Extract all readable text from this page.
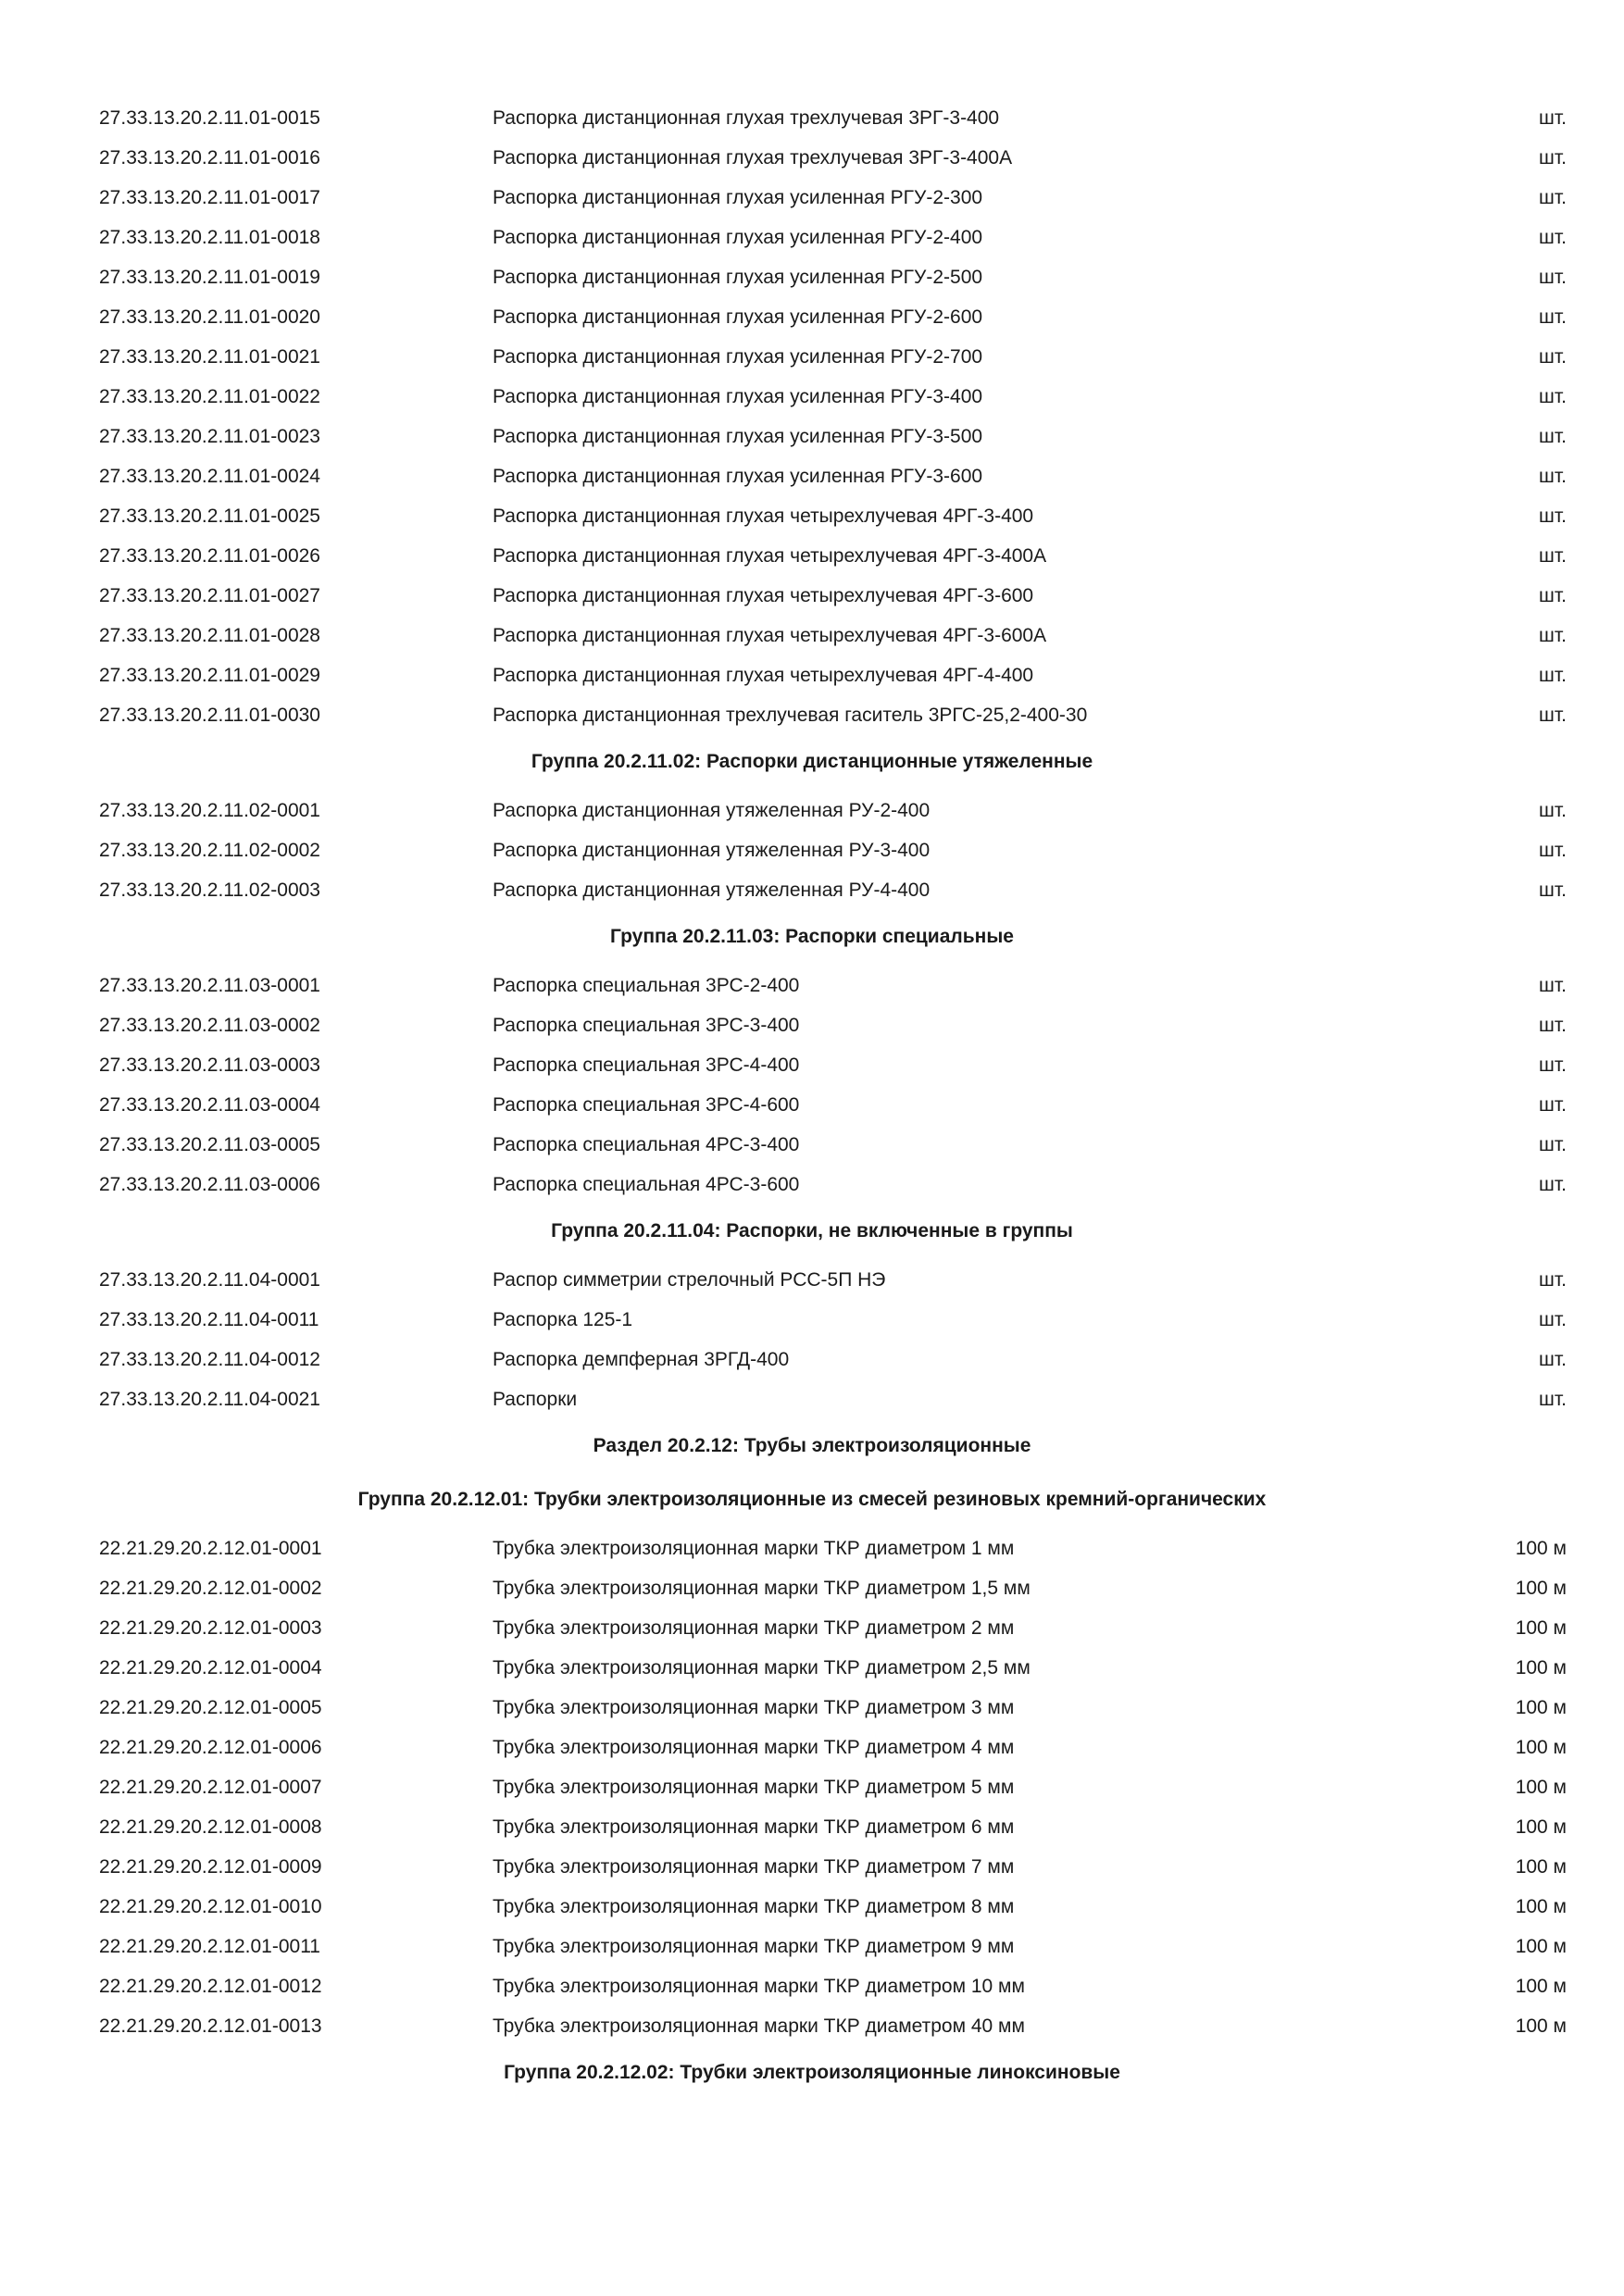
27.33.13.20.2.11.01-0015	Распорка дистанционная глухая трехлучевая 3РГ-3-400	шт.
27.33.13.20.2.11.01-0016	Распорка дистанционная глухая трехлучевая 3РГ-3-400А	шт.
27.33.13.20.2.11.01-0017	Распорка дистанционная глухая усиленная РГУ-2-300	шт.
27.33.13.20.2.11.01-0018	Распорка дистанционная глухая усиленная РГУ-2-400	шт.
27.33.13.20.2.11.01-0019	Распорка дистанционная глухая усиленная РГУ-2-500	шт.
27.33.13.20.2.11.01-0020	Распорка дистанционная глухая усиленная РГУ-2-600	шт.
27.33.13.20.2.11.01-0021	Распорка дистанционная глухая усиленная РГУ-2-700	шт.
27.33.13.20.2.11.01-0022	Распорка дистанционная глухая усиленная РГУ-3-400	шт.
27.33.13.20.2.11.01-0023	Распорка дистанционная глухая усиленная РГУ-3-500	шт.
27.33.13.20.2.11.01-0024	Распорка дистанционная глухая усиленная РГУ-3-600	шт.
27.33.13.20.2.11.01-0025	Распорка дистанционная глухая четырехлучевая 4РГ-3-400	шт.
27.33.13.20.2.11.01-0026	Распорка дистанционная глухая четырехлучевая 4РГ-3-400А	шт.
27.33.13.20.2.11.01-0027	Распорка дистанционная глухая четырехлучевая 4РГ-3-600	шт.
27.33.13.20.2.11.01-0028	Распорка дистанционная глухая четырехлучевая 4РГ-3-600А	шт.
27.33.13.20.2.11.01-0029	Распорка дистанционная глухая четырехлучевая 4РГ-4-400	шт.
27.33.13.20.2.11.01-0030	Распорка дистанционная трехлучевая гаситель 3РГС-25,2-400-30	шт.
Группа 20.2.11.02: Распорки дистанционные утяжеленные
27.33.13.20.2.11.02-0001	Распорка дистанционная утяжеленная РУ-2-400	шт.
27.33.13.20.2.11.02-0002	Распорка дистанционная утяжеленная РУ-3-400	шт.
27.33.13.20.2.11.02-0003	Распорка дистанционная утяжеленная РУ-4-400	шт.
Группа 20.2.11.03: Распорки специальные
27.33.13.20.2.11.03-0001	Распорка специальная 3РС-2-400	шт.
27.33.13.20.2.11.03-0002	Распорка специальная 3РС-3-400	шт.
27.33.13.20.2.11.03-0003	Распорка специальная 3РС-4-400	шт.
27.33.13.20.2.11.03-0004	Распорка специальная 3РС-4-600	шт.
27.33.13.20.2.11.03-0005	Распорка специальная 4РС-3-400	шт.
27.33.13.20.2.11.03-0006	Распорка специальная 4РС-3-600	шт.
Группа 20.2.11.04: Распорки, не включенные в группы
27.33.13.20.2.11.04-0001	Распор симметрии стрелочный РСС-5П НЭ	шт.
27.33.13.20.2.11.04-0011	Распорка 125-1	шт.
27.33.13.20.2.11.04-0012	Распорка демпферная 3РГД-400	шт.
27.33.13.20.2.11.04-0021	Распорки	шт.
Раздел 20.2.12: Трубы электроизоляционные
Группа 20.2.12.01: Трубки электроизоляционные из смесей резиновых кремний-органических
22.21.29.20.2.12.01-0001	Трубка электроизоляционная марки ТКР диаметром 1 мм	100 м
22.21.29.20.2.12.01-0002	Трубка электроизоляционная марки ТКР диаметром 1,5 мм	100 м
22.21.29.20.2.12.01-0003	Трубка электроизоляционная марки ТКР диаметром 2 мм	100 м
22.21.29.20.2.12.01-0004	Трубка электроизоляционная марки ТКР диаметром 2,5 мм	100 м
22.21.29.20.2.12.01-0005	Трубка электроизоляционная марки ТКР диаметром 3 мм	100 м
22.21.29.20.2.12.01-0006	Трубка электроизоляционная марки ТКР диаметром 4 мм	100 м
22.21.29.20.2.12.01-0007	Трубка электроизоляционная марки ТКР диаметром 5 мм	100 м
22.21.29.20.2.12.01-0008	Трубка электроизоляционная марки ТКР диаметром 6 мм	100 м
22.21.29.20.2.12.01-0009	Трубка электроизоляционная марки ТКР диаметром 7 мм	100 м
22.21.29.20.2.12.01-0010	Трубка электроизоляционная марки ТКР диаметром 8 мм	100 м
22.21.29.20.2.12.01-0011	Трубка электроизоляционная марки ТКР диаметром 9 мм	100 м
22.21.29.20.2.12.01-0012	Трубка электроизоляционная марки ТКР диаметром 10 мм	100 м
22.21.29.20.2.12.01-0013	Трубка электроизоляционная марки ТКР диаметром 40 мм	100 м
Группа 20.2.12.02: Трубки электроизоляционные линоксиновые
